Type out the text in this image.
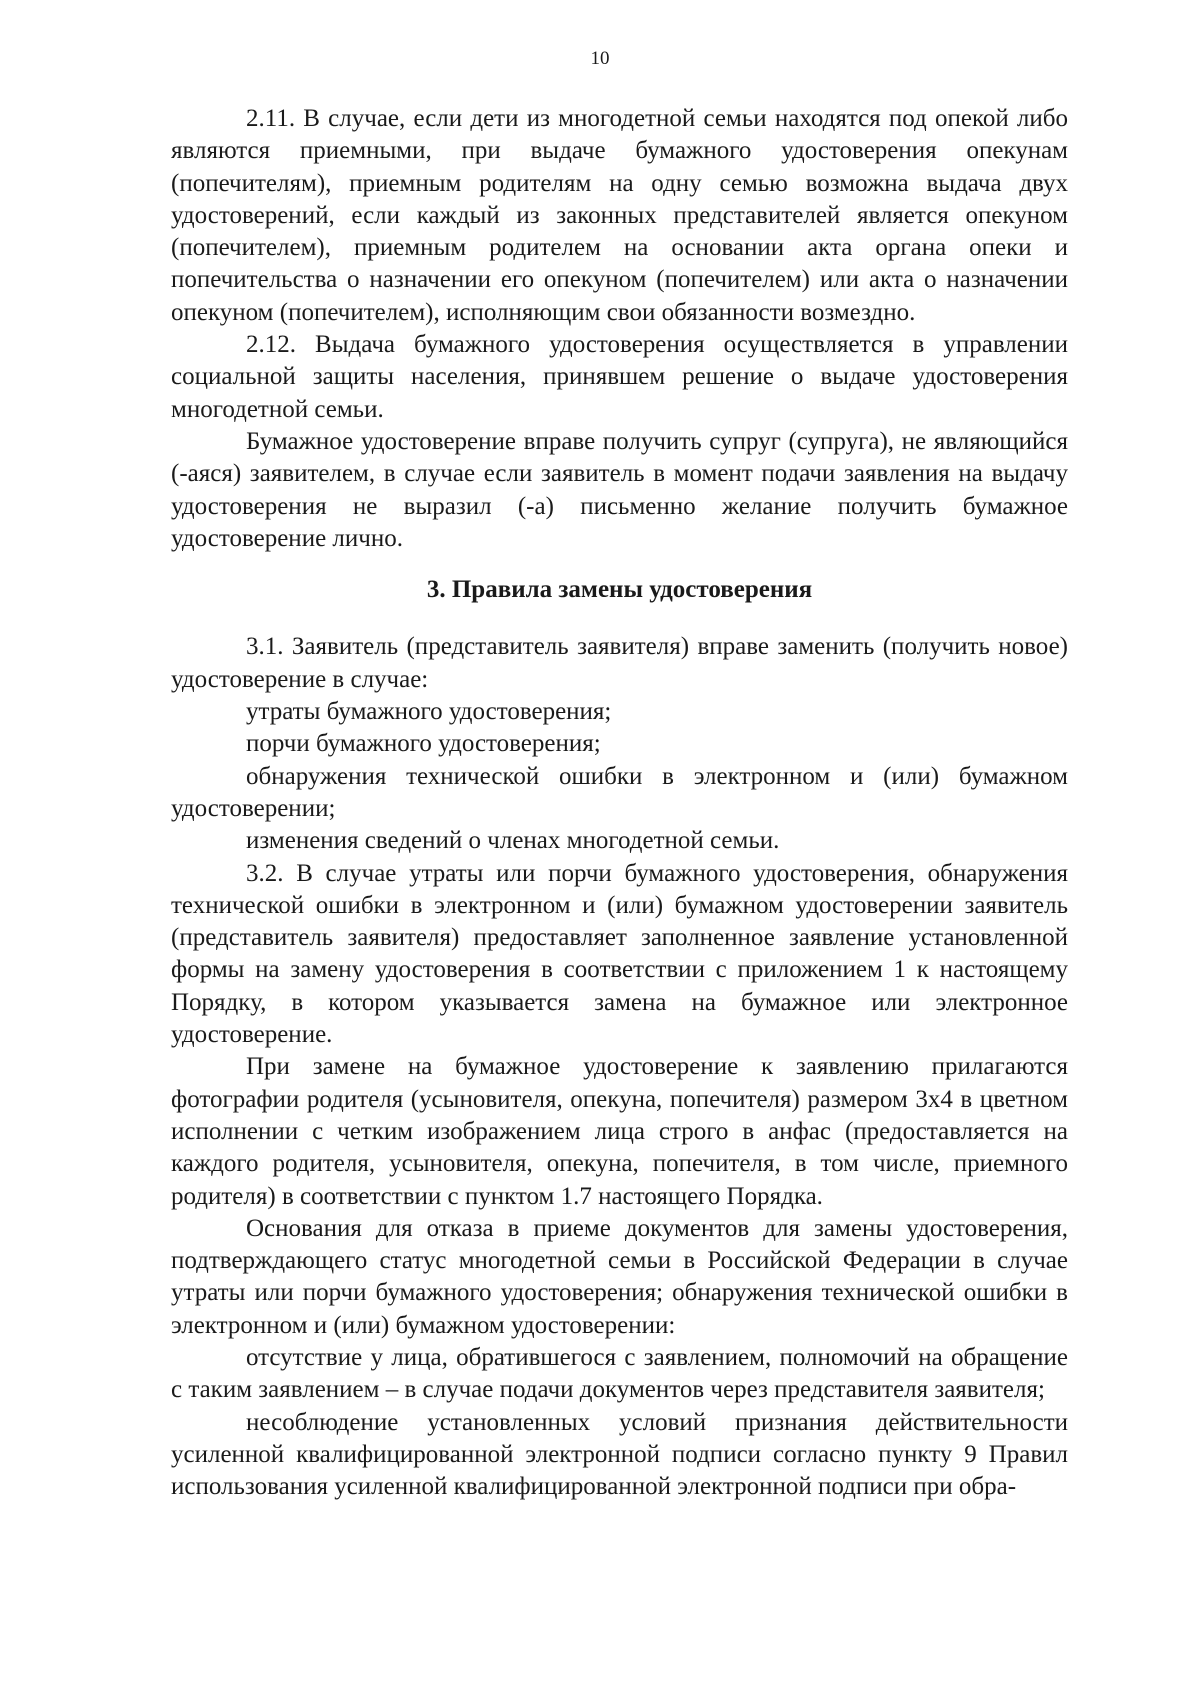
10

2.11. В случае, если дети из многодетной семьи находятся под опекой либо являются приемными, при выдаче бумажного удостоверения опекунам (попечителям), приемным родителям на одну семью возможна выдача двух удостоверений, если каждый из законных представителей является опекуном (попечителем), приемным родителем на основании акта органа опеки и попечительства о назначении его опекуном (попечителем) или акта о назначении опекуном (попечителем), исполняющим свои обязанности возмездно.

2.12. Выдача бумажного удостоверения осуществляется в управлении социальной защиты населения, принявшем решение о выдаче удостоверения многодетной семьи.

Бумажное удостоверение вправе получить супруг (супруга), не являющийся (-аяся) заявителем, в случае если заявитель в момент подачи заявления на выдачу удостоверения не выразил (-а) письменно желание получить бумажное удостоверение лично.

3. Правила замены удостоверения

3.1. Заявитель (представитель заявителя) вправе заменить (получить новое) удостоверение в случае:

утраты бумажного удостоверения;

порчи бумажного удостоверения;

обнаружения технической ошибки в электронном и (или) бумажном удостоверении;

изменения сведений о членах многодетной семьи.

3.2. В случае утраты или порчи бумажного удостоверения, обнаружения технической ошибки в электронном и (или) бумажном удостоверении заявитель (представитель заявителя) предоставляет заполненное заявление установленной формы на замену удостоверения в соответствии с приложением 1 к настоящему Порядку, в котором указывается замена на бумажное или электронное удостоверение.

При замене на бумажное удостоверение к заявлению прилагаются фотографии родителя (усыновителя, опекуна, попечителя) размером 3х4 в цветном исполнении с четким изображением лица строго в анфас (предоставляется на каждого родителя, усыновителя, опекуна, попечителя, в том числе, приемного родителя) в соответствии с пунктом 1.7 настоящего Порядка.

Основания для отказа в приеме документов для замены удостоверения, подтверждающего статус многодетной семьи в Российской Федерации в случае утраты или порчи бумажного удостоверения; обнаружения технической ошибки в электронном и (или) бумажном удостоверении:

отсутствие у лица, обратившегося с заявлением, полномочий на обращение с таким заявлением – в случае подачи документов через представителя заявителя;

несоблюдение установленных условий признания действительности усиленной квалифицированной электронной подписи согласно пункту 9 Правил использования усиленной квалифицированной электронной подписи при обра-
